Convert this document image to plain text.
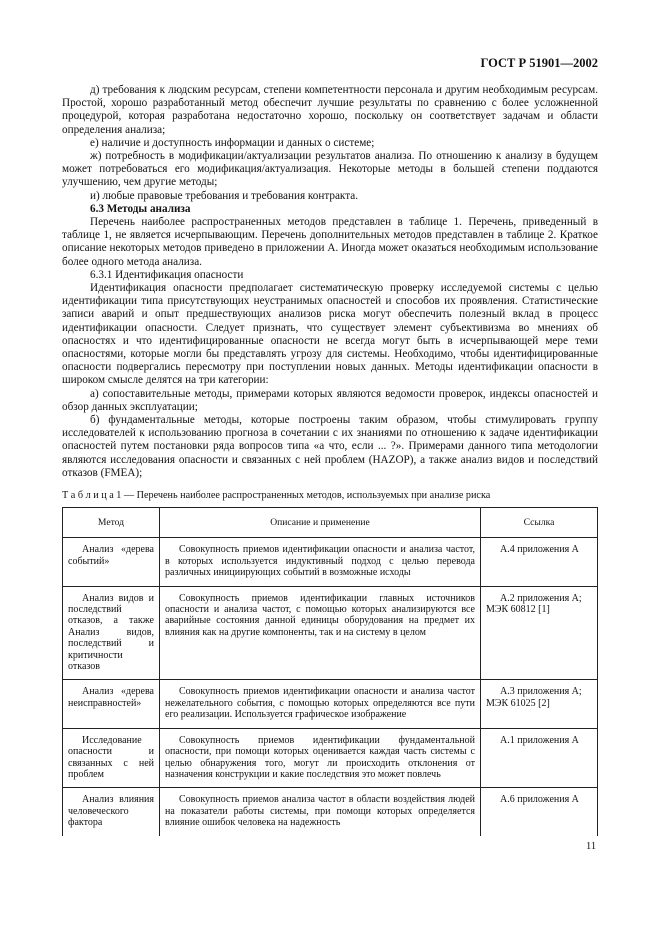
ГОСТ Р 51901—2002

д) требования к людским ресурсам, степени компетентности персонала и другим необходимым ресурсам. Простой, хорошо разработанный метод обеспечит лучшие результаты по сравнению с более усложненной процедурой, которая разработана недостаточно хорошо, поскольку он соответствует задачам и области определения анализа;

е) наличие и доступность информации и данных о системе;

ж) потребность в модификации/актуализации результатов анализа. По отношению к анализу в будущем может потребоваться его модификация/актуализация. Некоторые методы в большей степени поддаются улучшению, чем другие методы;

и) любые правовые требования и требования контракта.

6.3 Методы анализа

Перечень наиболее распространенных методов представлен в таблице 1. Перечень, приведенный в таблице 1, не является исчерпывающим. Перечень дополнительных методов представлен в таблице 2. Краткое описание некоторых методов приведено в приложении А. Иногда может оказаться необходимым использование более одного метода анализа.

6.3.1 Идентификация опасности

Идентификация опасности предполагает систематическую проверку исследуемой системы с целью идентификации типа присутствующих неустранимых опасностей и способов их проявления. Статистические записи аварий и опыт предшествующих анализов риска могут обеспечить полезный вклад в процесс идентификации опасности. Следует признать, что существует элемент субъективизма во мнениях об опасностях и что идентифицированные опасности не всегда могут быть в исчерпывающей мере теми опасностями, которые могли бы представлять угрозу для системы. Необходимо, чтобы идентифицированные опасности подвергались пересмотру при поступлении новых данных. Методы идентификации опасности в широком смысле делятся на три категории:

а) сопоставительные методы, примерами которых являются ведомости проверок, индексы опасностей и обзор данных эксплуатации;

б) фундаментальные методы, которые построены таким образом, чтобы стимулировать группу исследователей к использованию прогноза в сочетании с их знаниями по отношению к задаче идентификации опасностей путем постановки ряда вопросов типа «а что, если ... ?». Примерами данного типа методологии являются исследования опасности и связанных с ней проблем (HAZOP), а также анализ видов и последствий отказов (FMEA);

Т а б л и ц а 1 — Перечень наиболее распространенных методов, используемых при анализе риска
Метод	Описание и применение	Ссылка
Анализ «дерева событий»	Совокупность приемов идентификации опасности и анализа частот, в которых используется индуктивный подход с целью перевода различных инициирующих событий в возможные исходы	А.4 приложения А
Анализ видов и последствий отказов, а также Анализ видов, последствий и критичности отказов	Совокупность приемов идентификации главных источников опасности и анализа частот, с помощью которых анализируются все аварийные состояния данной единицы оборудования на предмет их влияния как на другие компоненты, так и на систему в целом	А.2 приложения А; МЭК 60812 [1]
Анализ «дерева неисправностей»	Совокупность приемов идентификации опасности и анализа частот нежелательного события, с помощью которых определяются все пути его реализации. Используется графическое изображение	А.3 приложения А; МЭК 61025 [2]
Исследование опасности и связанных с ней проблем	Совокупность приемов идентификации фундаментальной опасности, при помощи которых оценивается каждая часть системы с целью обнаружения того, могут ли происходить отклонения от назначения конструкции и какие последствия это может повлечь	А.1 приложения А
Анализ влияния человеческого фактора	Совокупность приемов анализа частот в области воздействия людей на показатели работы системы, при помощи которых определяется влияние ошибок человека на надежность	А.6 приложения А
11
